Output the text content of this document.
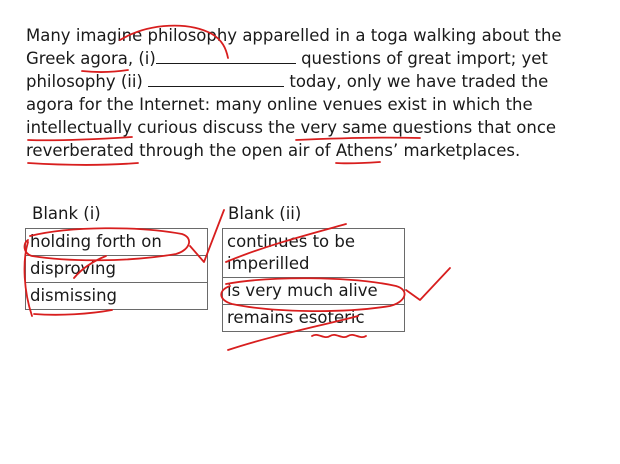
Many imagine philosophy apparelled in a toga walking about the
Greek agora, (i)	questions of great import; yet
philosophy (ii)	today, only we have traded the
agora for the Internet: many online venues exist in which the
intellectually curious discuss the very same questions that once
reverberated through the open air of Athens’ marketplaces.
Blank (i)
holding forth on
disproving
dismissing
Blank (ii)
continues to be imperilled
is very much alive
remains esoteric
